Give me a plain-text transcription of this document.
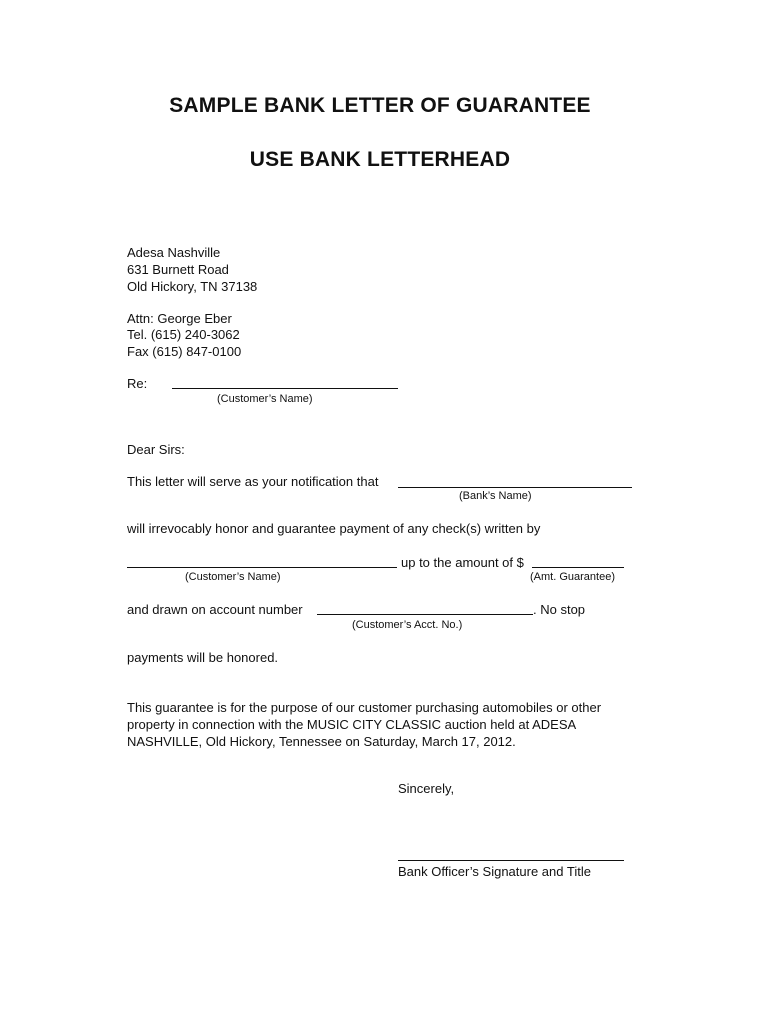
SAMPLE BANK LETTER OF GUARANTEE
USE BANK LETTERHEAD
Adesa Nashville
631 Burnett Road
Old Hickory, TN 37138
Attn: George Eber
Tel. (615) 240-3062
Fax (615) 847-0100
Re:
(Customer’s Name)
Dear Sirs:
This letter will serve as your notification that
(Bank’s Name)
will irrevocably honor and guarantee payment of any check(s) written by
up to the amount of $
(Customer’s Name)	(Amt. Guarantee)
and drawn on account number	. No stop
(Customer’s Acct. No.)
payments will be honored.
This guarantee is for the purpose of our customer purchasing automobiles or other property in connection with the MUSIC CITY CLASSIC auction held at ADESA NASHVILLE, Old Hickory, Tennessee on Saturday, March 17, 2012.
Sincerely,
Bank Officer’s Signature and Title
